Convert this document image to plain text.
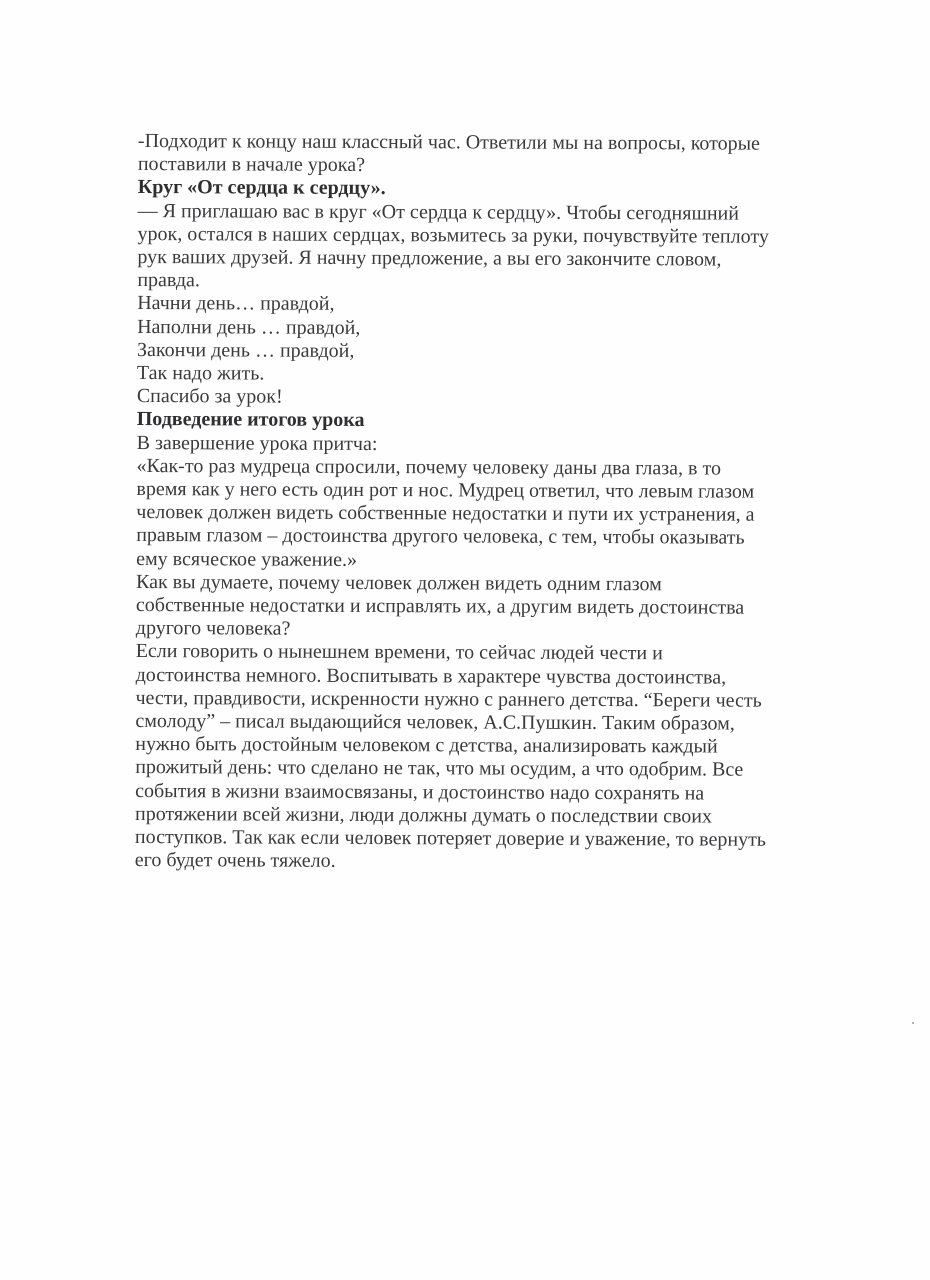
-Подходит к концу наш классный час. Ответили мы на вопросы, которые
поставили в начале урока?

Круг «От сердца к сердцу».

— Я приглашаю вас в круг «От сердца к сердцу». Чтобы сегодняшний
урок, остался в наших сердцах, возьмитесь за руки, почувствуйте теплоту
рук ваших друзей. Я начну предложение, а вы его закончите словом,
правда.

Начни день… правдой,

Наполни день … правдой,

Закончи день … правдой,

Так надо жить.

Спасибо за урок!

Подведение итогов урока

В завершение урока притча:

«Как-то раз мудреца спросили, почему человеку даны два глаза, в то
время как у него есть один рот и нос. Мудрец ответил, что левым глазом
человек должен видеть собственные недостатки и пути их устранения, а
правым глазом – достоинства другого человека, с тем, чтобы оказывать
ему всяческое уважение.»

Как вы думаете, почему человек должен видеть одним глазом
собственные недостатки и исправлять их, а другим видеть достоинства
другого человека?

Если говорить о нынешнем времени, то сейчас людей чести и
достоинства немного. Воспитывать в характере чувства достоинства,
чести, правдивости, искренности нужно с раннего детства. “Береги честь
смолоду” – писал выдающийся человек, А.С.Пушкин. Таким образом,
нужно быть достойным человеком с детства, анализировать каждый
прожитый день: что сделано не так, что мы осудим, а что одобрим. Все
события в жизни взаимосвязаны, и достоинство надо сохранять на
протяжении всей жизни, люди должны думать о последствии своих
поступков. Так как если человек потеряет доверие и уважение, то вернуть
его будет очень тяжело.
